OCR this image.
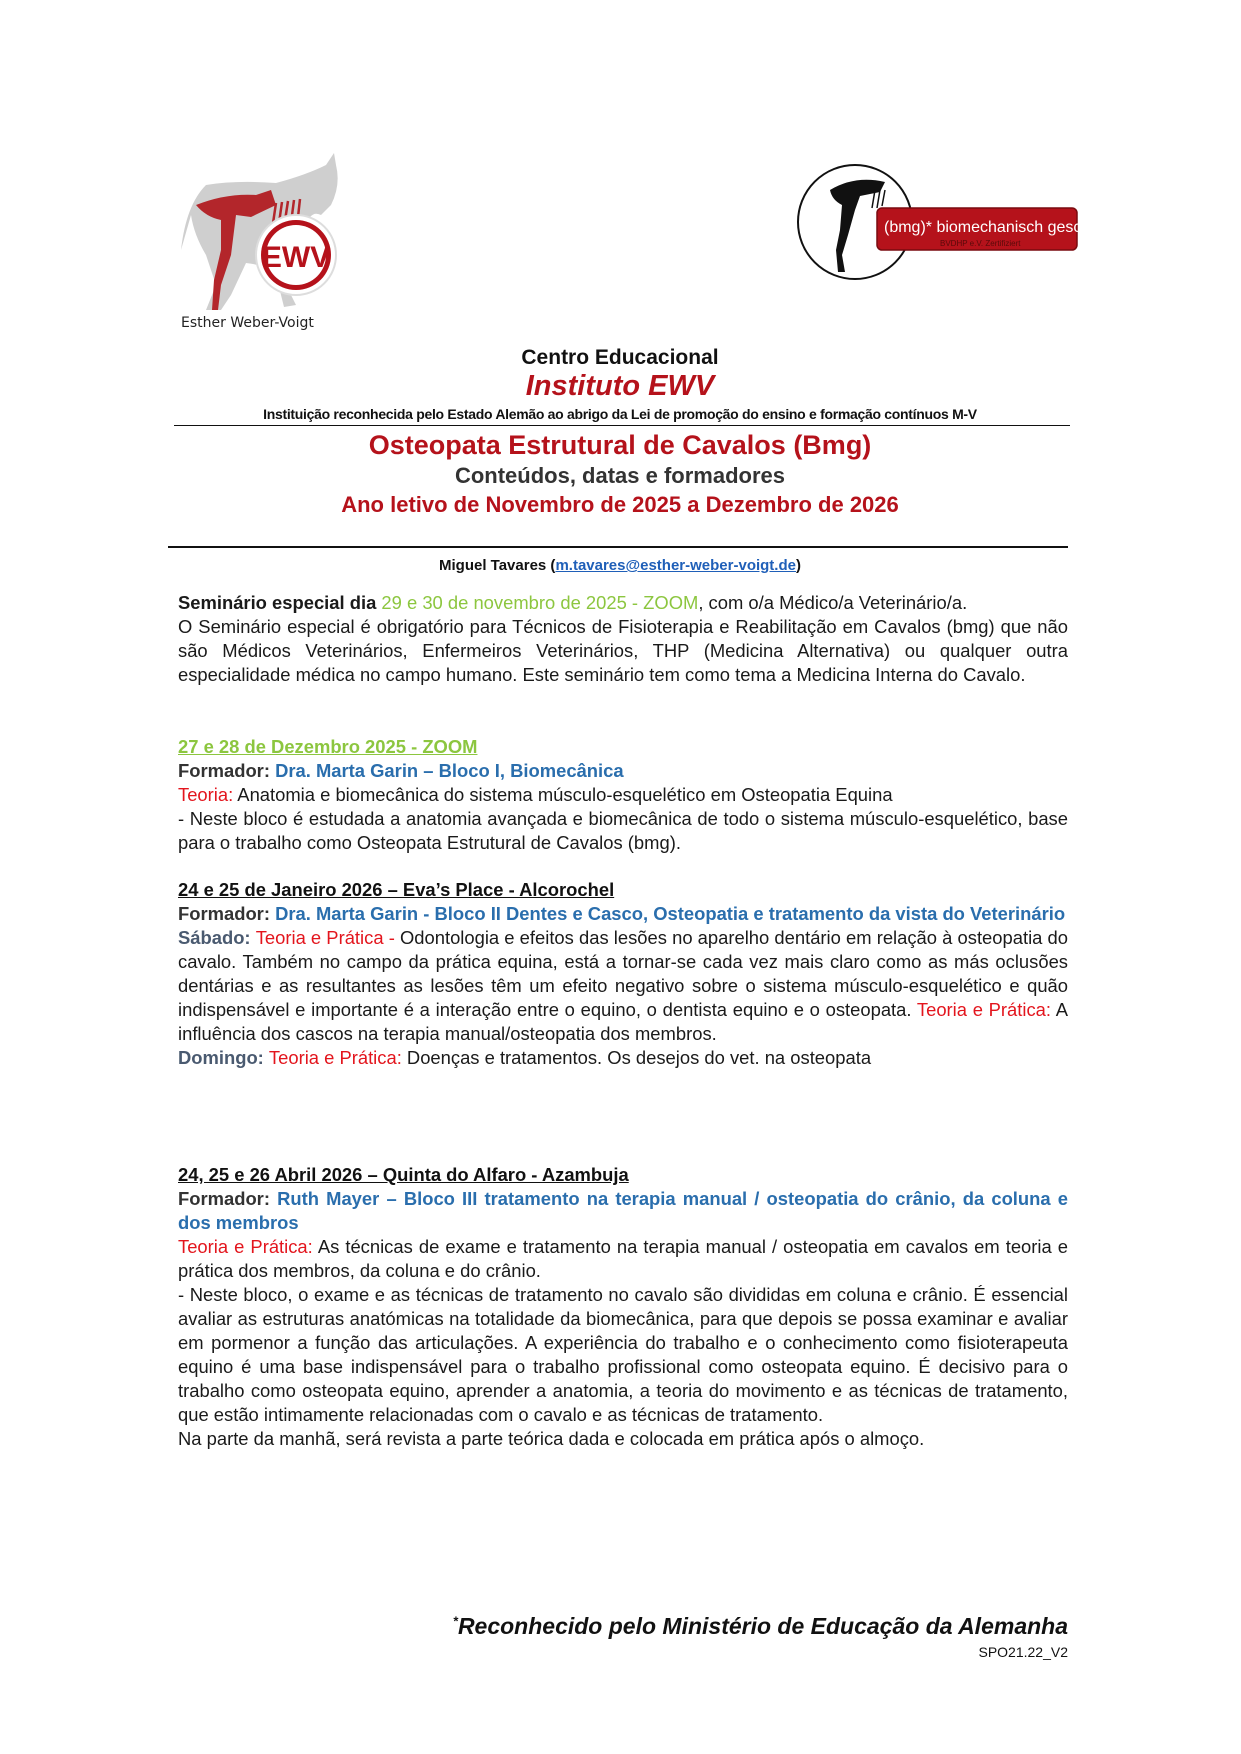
EWV
Esther Weber-Voigt
(bmg)* biomechanisch geschult
BVDHP e.V. Zertifiziert
Centro Educacional
Instituto EWV
Instituição reconhecida pelo Estado Alemão ao abrigo da Lei de promoção do ensino e formação contínuos M-V
Osteopata Estrutural de Cavalos (Bmg)
Conteúdos, datas e formadores
Ano letivo de Novembro de 2025 a Dezembro de 2026
Miguel Tavares (m.tavares@esther-weber-voigt.de)

Seminário especial dia 29 e 30 de novembro de 2025 - ZOOM, com o/a Médico/a Veterinário/a.

O Seminário especial é obrigatório para Técnicos de Fisioterapia e Reabilitação em Cavalos (bmg) que não são Médicos Veterinários, Enfermeiros Veterinários, THP (Medicina Alternativa) ou qualquer outra especialidade médica no campo humano. Este seminário tem como tema a Medicina Interna do Cavalo.

27 e 28 de Dezembro 2025 - ZOOM

Formador: Dra. Marta Garin – Bloco I, Biomecânica

Teoria: Anatomia e biomecânica do sistema músculo-esquelético em Osteopatia Equina

- Neste bloco é estudada a anatomia avançada e biomecânica de todo o sistema músculo-esquelético, base para o trabalho como Osteopata Estrutural de Cavalos (bmg).

24 e 25 de Janeiro 2026 – Eva’s Place - Alcorochel

Formador: Dra. Marta Garin - Bloco II Dentes e Casco, Osteopatia e tratamento da vista do Veterinário

Sábado: Teoria e Prática - Odontologia e efeitos das lesões no aparelho dentário em relação à osteopatia do cavalo. Também no campo da prática equina, está a tornar-se cada vez mais claro como as más oclusões dentárias e as resultantes as lesões têm um efeito negativo sobre o sistema músculo-esquelético e quão indispensável e importante é a interação entre o equino, o dentista equino e o osteopata. Teoria e Prática: A influência dos cascos na terapia manual/osteopatia dos membros.

Domingo: Teoria e Prática: Doenças e tratamentos. Os desejos do vet. na osteopata

24, 25 e 26 Abril 2026 – Quinta do Alfaro - Azambuja

Formador: Ruth Mayer – Bloco III tratamento na terapia manual / osteopatia do crânio, da coluna e dos membros

Teoria e Prática: As técnicas de exame e tratamento na terapia manual / osteopatia em cavalos em teoria e prática dos membros, da coluna e do crânio.

- Neste bloco, o exame e as técnicas de tratamento no cavalo são divididas em coluna e crânio. É essencial avaliar as estruturas anatómicas na totalidade da biomecânica, para que depois se possa examinar e avaliar em pormenor a função das articulações. A experiência do trabalho e o conhecimento como fisioterapeuta equino é uma base indispensável para o trabalho profissional como osteopata equino. É decisivo para o trabalho como osteopata equino, aprender a anatomia, a teoria do movimento e as técnicas de tratamento, que estão intimamente relacionadas com o cavalo e as técnicas de tratamento.

Na parte da manhã, será revista a parte teórica dada e colocada em prática após o almoço.

*Reconhecido pelo Ministério de Educação da Alemanha
SPO21.22_V2
